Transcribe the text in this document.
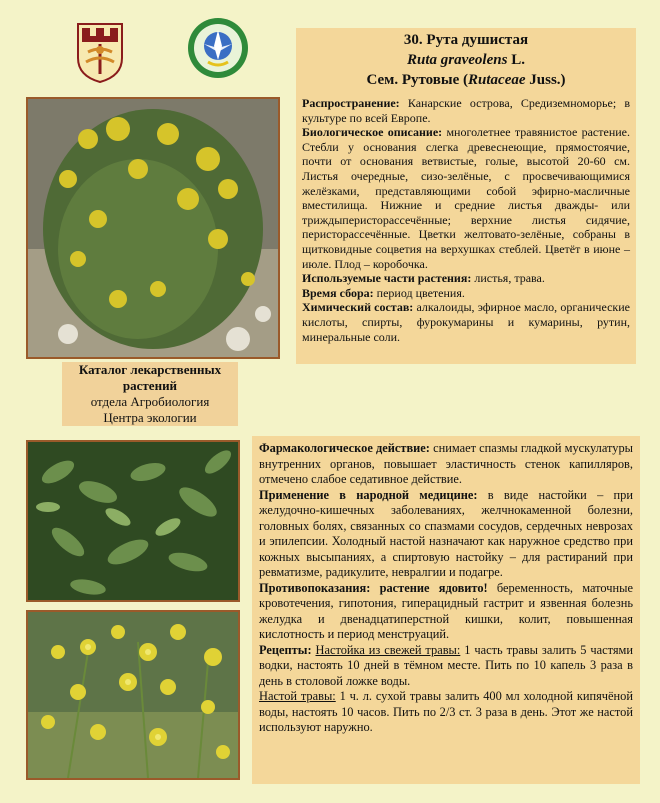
30. Рута душистая
Ruta graveolens L.
Сем. Рутовые (Rutaceae Juss.)

Распространение: Канарские острова, Средиземноморье; в культуре по всей Европе.

Биологическое описание: многолетнее травянистое растение. Стебли у основания слегка древеснеющие, прямостоячие, почти от основания ветвистые, голые, высотой 20-60 см. Листья очередные, сизо-зелёные, с просвечивающимися желёзками, представляющими собой эфирно-масличные вместилища. Нижние и средние листья дважды- или триждыперисторассечённые; верхние листья сидячие, перисторассечённые. Цветки желтовато-зелёные, собраны в щитковидные соцветия на верхушках стеблей. Цветёт в июне – июле. Плод – коробочка.

Используемые части растения: листья, трава.

Время сбора: период цветения.

Химический состав: алкалоиды, эфирное масло, органические кислоты, спирты, фурокумарины и кумарины, рутин, минеральные соли.

Каталог лекарственных
растений
отдела Агробиология
Центра экологии

Фармакологическое действие: снимает спазмы гладкой мускулатуры внутренних органов, повышает эластичность стенок капилляров, отмечено слабое седативное действие.

Применение в народной медицине: в виде настойки – при желудочно-кишечных заболеваниях, желчнокаменной болезни, головных болях, связанных со спазмами сосудов, сердечных неврозах и эпилепсии. Холодный настой назначают как наружное средство при кожных высыпаниях, а спиртовую настойку – для растираний при ревматизме, радикулите, невралгии и подагре.

Противопоказания: растение ядовито! беременность, маточные кровотечения, гипотония, гиперацидный гастрит и язвенная болезнь желудка и двенадцатиперстной кишки, колит, повышенная кислотность и период менструаций.

Рецепты: Настойка из свежей травы: 1 часть травы залить 5 частями водки, настоять 10 дней в тёмном месте. Пить по 10 капель 3 раза в день в столовой ложке воды.

Настой травы: 1 ч. л. сухой травы залить 400 мл холодной кипячёной воды, настоять 10 часов. Пить по 2/3 ст. 3 раза в день. Этот же настой используют наружно.
